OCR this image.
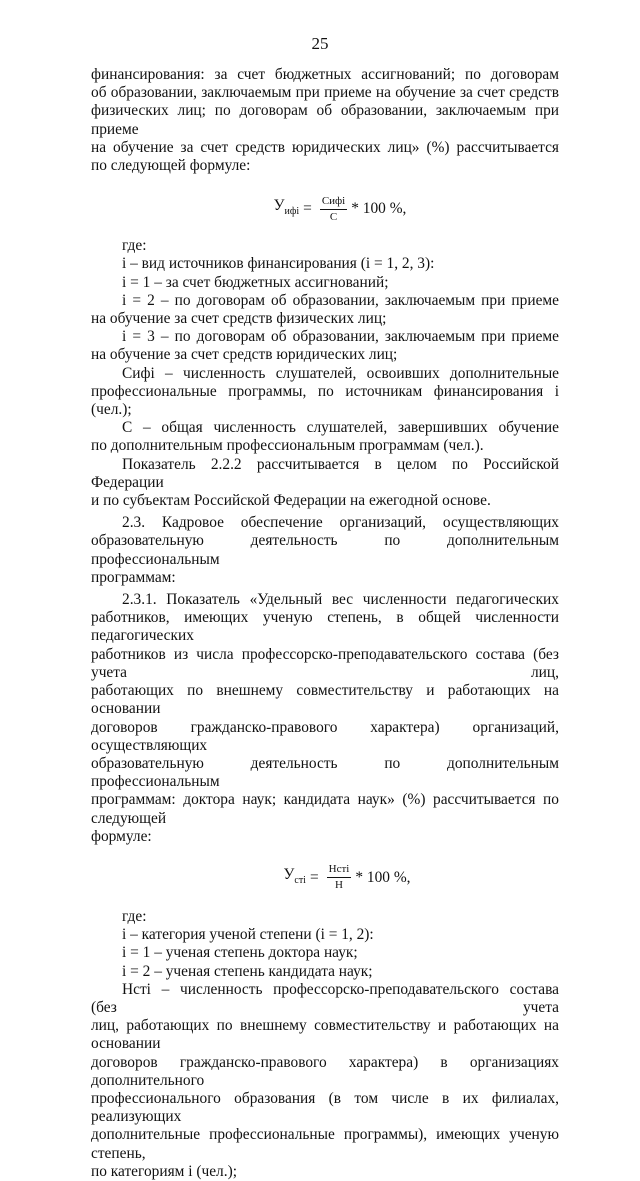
25

финансирования: за счет бюджетных ассигнований; по договорам

об образовании, заключаемым при приеме на обучение за счет средств

физических лиц; по договорам об образовании, заключаемым при приеме

на обучение за счет средств юридических лиц» (%) рассчитывается

по следующей формуле:

$У_{ифi} = \frac{\text{Cифi}}{C} * 100$ %,

где:

i – вид источников финансирования (i = 1, 2, 3):

i = 1 – за счет бюджетных ассигнований;

i = 2 – по договорам об образовании, заключаемым при приеме

на обучение за счет средств физических лиц;

i = 3 – по договорам об образовании, заключаемым при приеме

на обучение за счет средств юридических лиц;

Cифi – численность слушателей, освоивших дополнительные

профессиональные программы, по источникам финансирования i (чел.);

С – общая численность слушателей, завершивших обучение

по дополнительным профессиональным программам (чел.).

Показатель 2.2.2 рассчитывается в целом по Российской Федерации

и по субъектам Российской Федерации на ежегодной основе.

2.3. Кадровое обеспечение организаций, осуществляющих

образовательную деятельность по дополнительным профессиональным

программам:

2.3.1. Показатель «Удельный вес численности педагогических

работников, имеющих ученую степень, в общей численности педагогических

работников из числа профессорско-преподавательского состава (без учета лиц,

работающих по внешнему совместительству и работающих на основании

договоров гражданско-правового характера) организаций, осуществляющих

образовательную деятельность по дополнительным профессиональным

программам: доктора наук; кандидата наук» (%) рассчитывается по следующей

формуле:

$У_{стi} = \frac{\text{Нстi}}{Н} * 100$ %,

где:

i – категория ученой степени (i = 1, 2):

i = 1 – ученая степень доктора наук;

i = 2 – ученая степень кандидата наук;

Нстi – численность профессорско-преподавательского состава (без учета

лиц, работающих по внешнему совместительству и работающих на основании

договоров гражданско-правового характера) в организациях дополнительного

профессионального образования (в том числе в их филиалах, реализующих

дополнительные профессиональные программы), имеющих ученую степень,

по категориям i (чел.);
